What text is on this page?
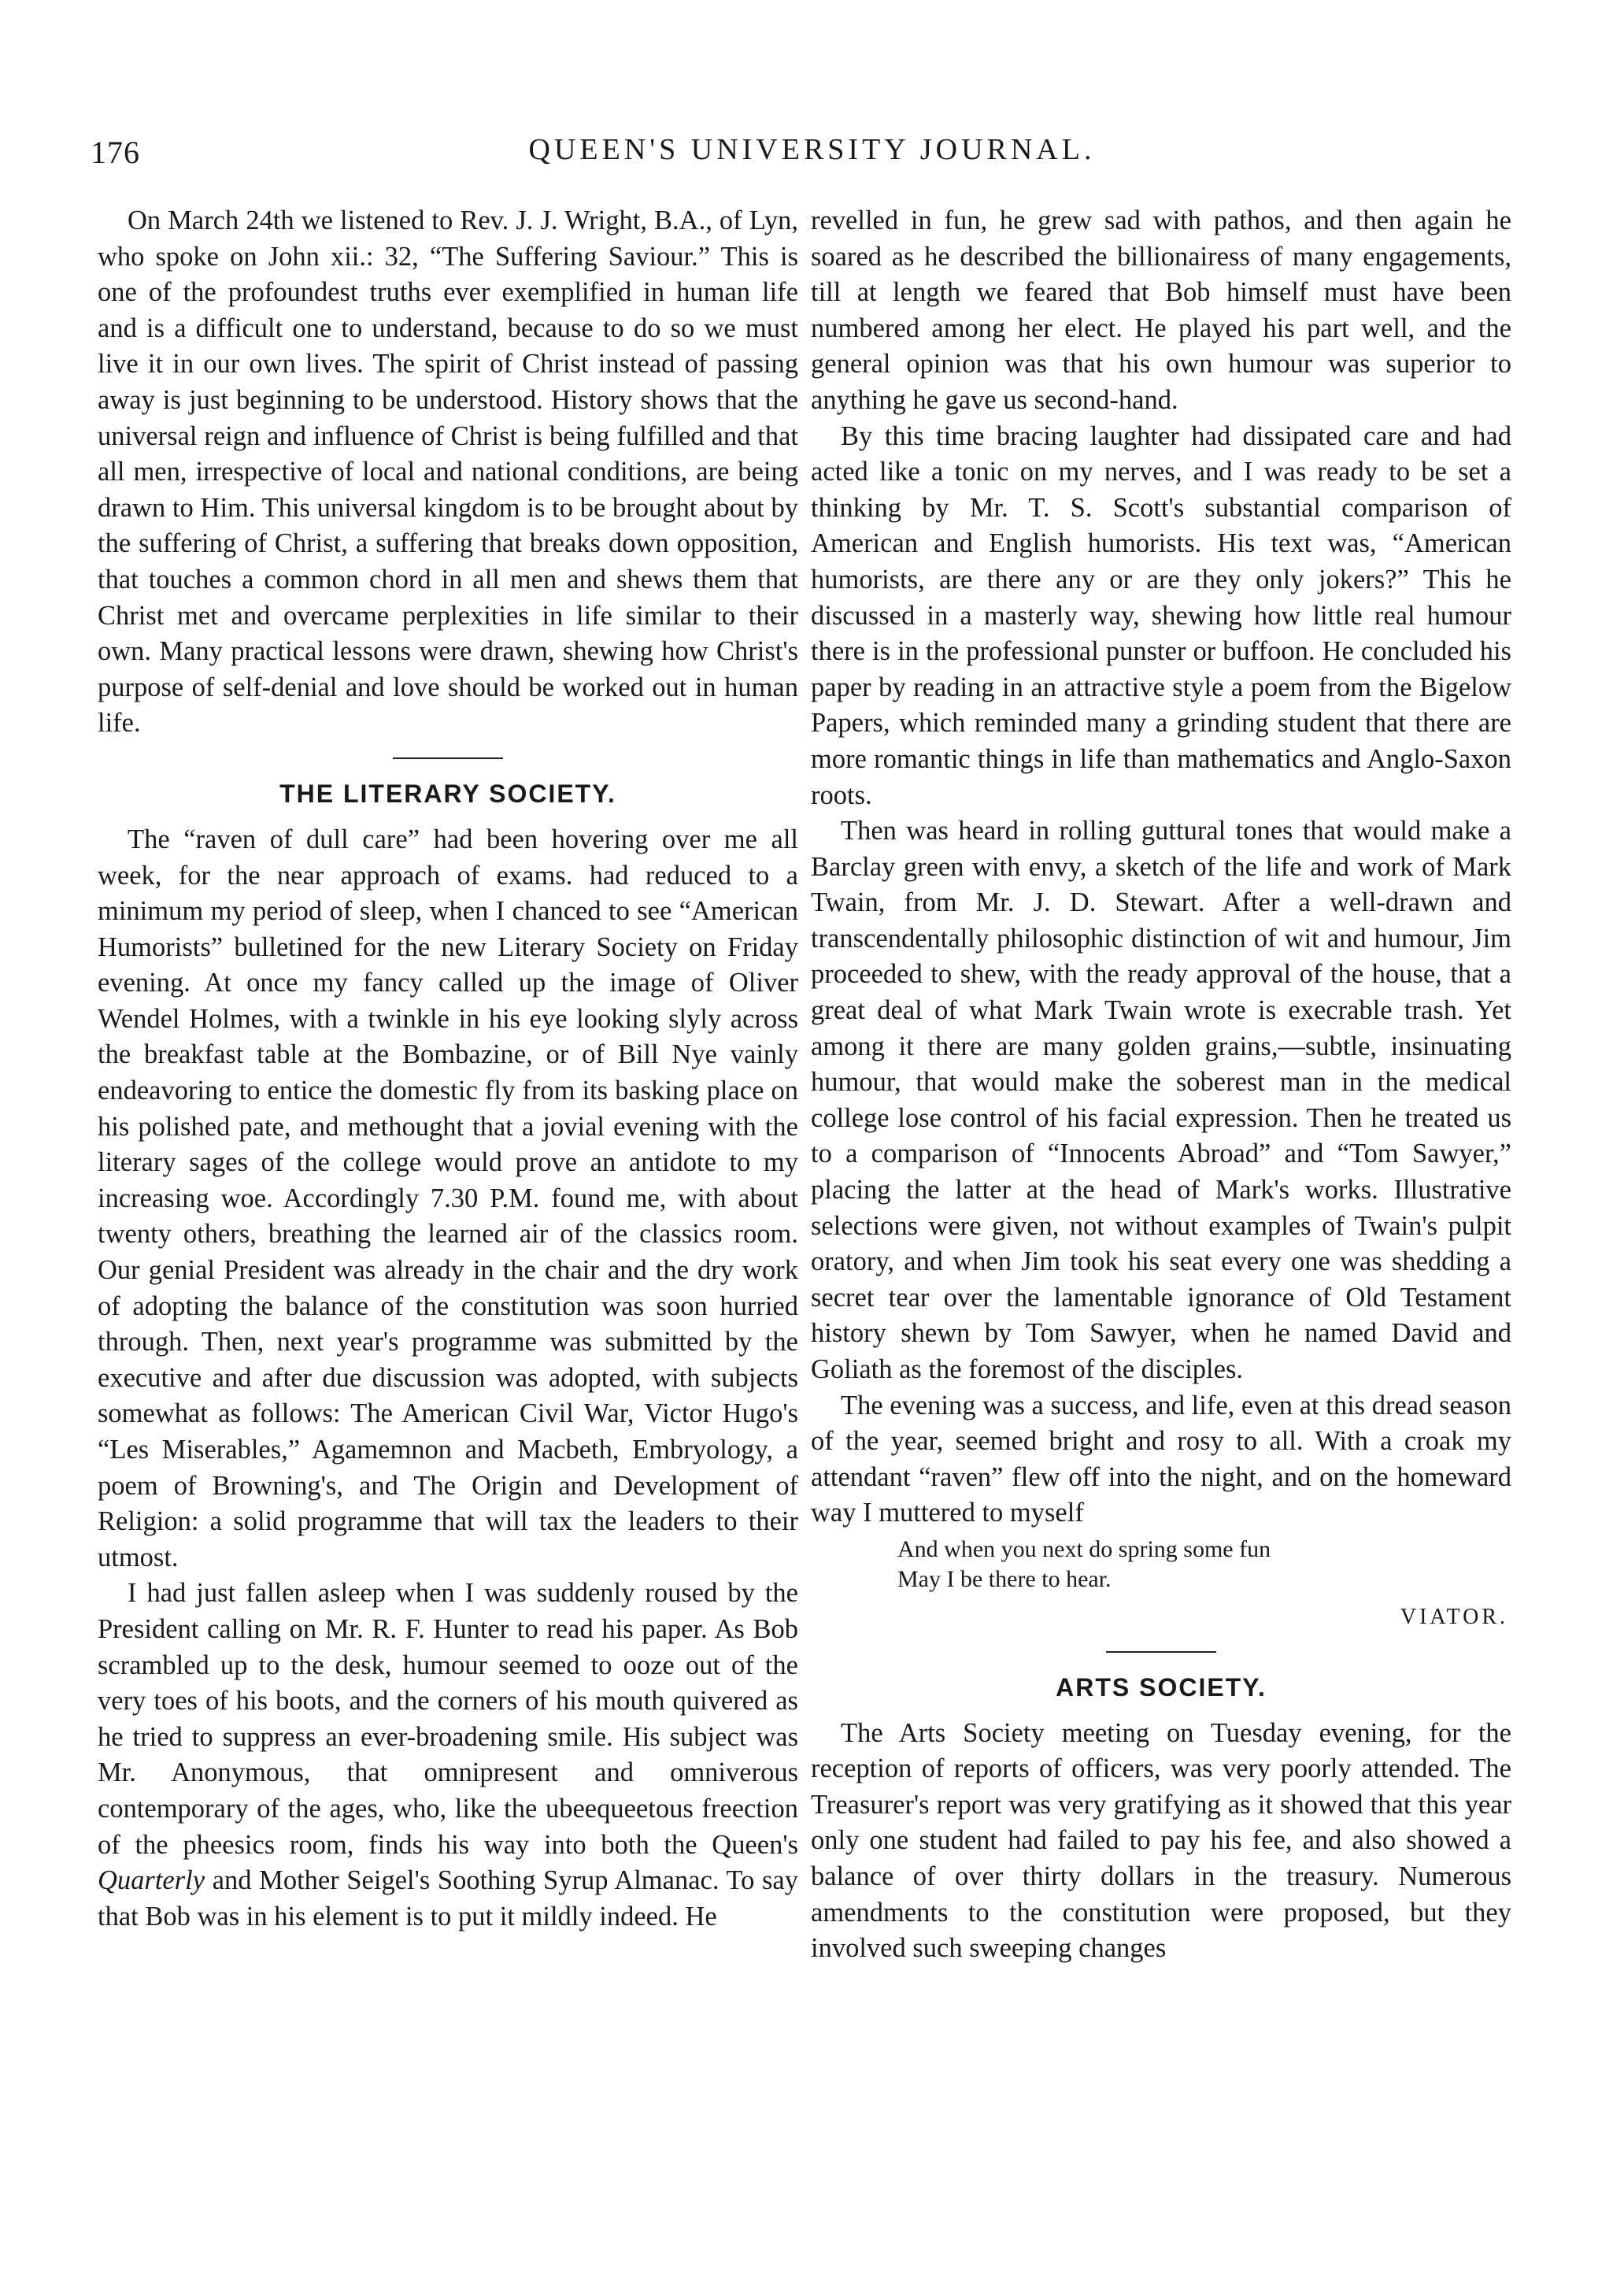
176	QUEEN'S UNIVERSITY JOURNAL.

On March 24th we listened to Rev. J. J. Wright, B.A., of Lyn, who spoke on John xii.: 32, “The Suffering Saviour.” This is one of the profoundest truths ever exemplified in human life and is a difficult one to understand, because to do so we must live it in our own lives. The spirit of Christ instead of passing away is just beginning to be understood. History shows that the universal reign and influence of Christ is being fulfilled and that all men, irrespective of local and national conditions, are being drawn to Him. This universal kingdom is to be brought about by the suffering of Christ, a suffering that breaks down opposition, that touches a common chord in all men and shews them that Christ met and overcame perplexities in life similar to their own. Many practical lessons were drawn, shewing how Christ's purpose of self-denial and love should be worked out in human life.

THE LITERARY SOCIETY.

The “raven of dull care” had been hovering over me all week, for the near approach of exams. had reduced to a minimum my period of sleep, when I chanced to see “American Humorists” bulletined for the new Literary Society on Friday evening. At once my fancy called up the image of Oliver Wendel Holmes, with a twinkle in his eye looking slyly across the breakfast table at the Bombazine, or of Bill Nye vainly endeavoring to entice the domestic fly from its basking place on his polished pate, and methought that a jovial evening with the literary sages of the college would prove an antidote to my increasing woe. Accordingly 7.30 P.M. found me, with about twenty others, breathing the learned air of the classics room. Our genial President was already in the chair and the dry work of adopting the balance of the constitution was soon hurried through. Then, next year's programme was submitted by the executive and after due discussion was adopted, with subjects somewhat as follows: The American Civil War, Victor Hugo's “Les Miserables,” Agamemnon and Macbeth, Embryology, a poem of Browning's, and The Origin and Development of Religion: a solid programme that will tax the leaders to their utmost.

I had just fallen asleep when I was suddenly roused by the President calling on Mr. R. F. Hunter to read his paper. As Bob scrambled up to the desk, humour seemed to ooze out of the very toes of his boots, and the corners of his mouth quivered as he tried to suppress an ever-broadening smile. His subject was Mr. Anonymous, that omnipresent and omniverous contemporary of the ages, who, like the ubeequeetous freection of the pheesics room, finds his way into both the Queen's Quarterly and Mother Seigel's Soothing Syrup Almanac. To say that Bob was in his element is to put it mildly indeed. He

revelled in fun, he grew sad with pathos, and then again he soared as he described the billionairess of many engagements, till at length we feared that Bob himself must have been numbered among her elect. He played his part well, and the general opinion was that his own humour was superior to anything he gave us second-hand.

By this time bracing laughter had dissipated care and had acted like a tonic on my nerves, and I was ready to be set a thinking by Mr. T. S. Scott's substantial comparison of American and English humorists. His text was, “American humorists, are there any or are they only jokers?” This he discussed in a masterly way, shewing how little real humour there is in the professional punster or buffoon. He concluded his paper by reading in an attractive style a poem from the Bigelow Papers, which reminded many a grinding student that there are more romantic things in life than mathematics and Anglo-Saxon roots.

Then was heard in rolling guttural tones that would make a Barclay green with envy, a sketch of the life and work of Mark Twain, from Mr. J. D. Stewart. After a well-drawn and transcendentally philosophic distinction of wit and humour, Jim proceeded to shew, with the ready approval of the house, that a great deal of what Mark Twain wrote is execrable trash. Yet among it there are many golden grains,—subtle, insinuating humour, that would make the soberest man in the medical college lose control of his facial expression. Then he treated us to a comparison of “Innocents Abroad” and “Tom Sawyer,” placing the latter at the head of Mark's works. Illustrative selections were given, not without examples of Twain's pulpit oratory, and when Jim took his seat every one was shedding a secret tear over the lamentable ignorance of Old Testament history shewn by Tom Sawyer, when he named David and Goliath as the foremost of the disciples.

The evening was a success, and life, even at this dread season of the year, seemed bright and rosy to all. With a croak my attendant “raven” flew off into the night, and on the homeward way I muttered to myself

And when you next do spring some fun
May I be there to hear.
VIATOR.
ARTS SOCIETY.

The Arts Society meeting on Tuesday evening, for the reception of reports of officers, was very poorly attended. The Treasurer's report was very gratifying as it showed that this year only one student had failed to pay his fee, and also showed a balance of over thirty dollars in the treasury. Numerous amendments to the constitution were proposed, but they involved such sweeping changes
